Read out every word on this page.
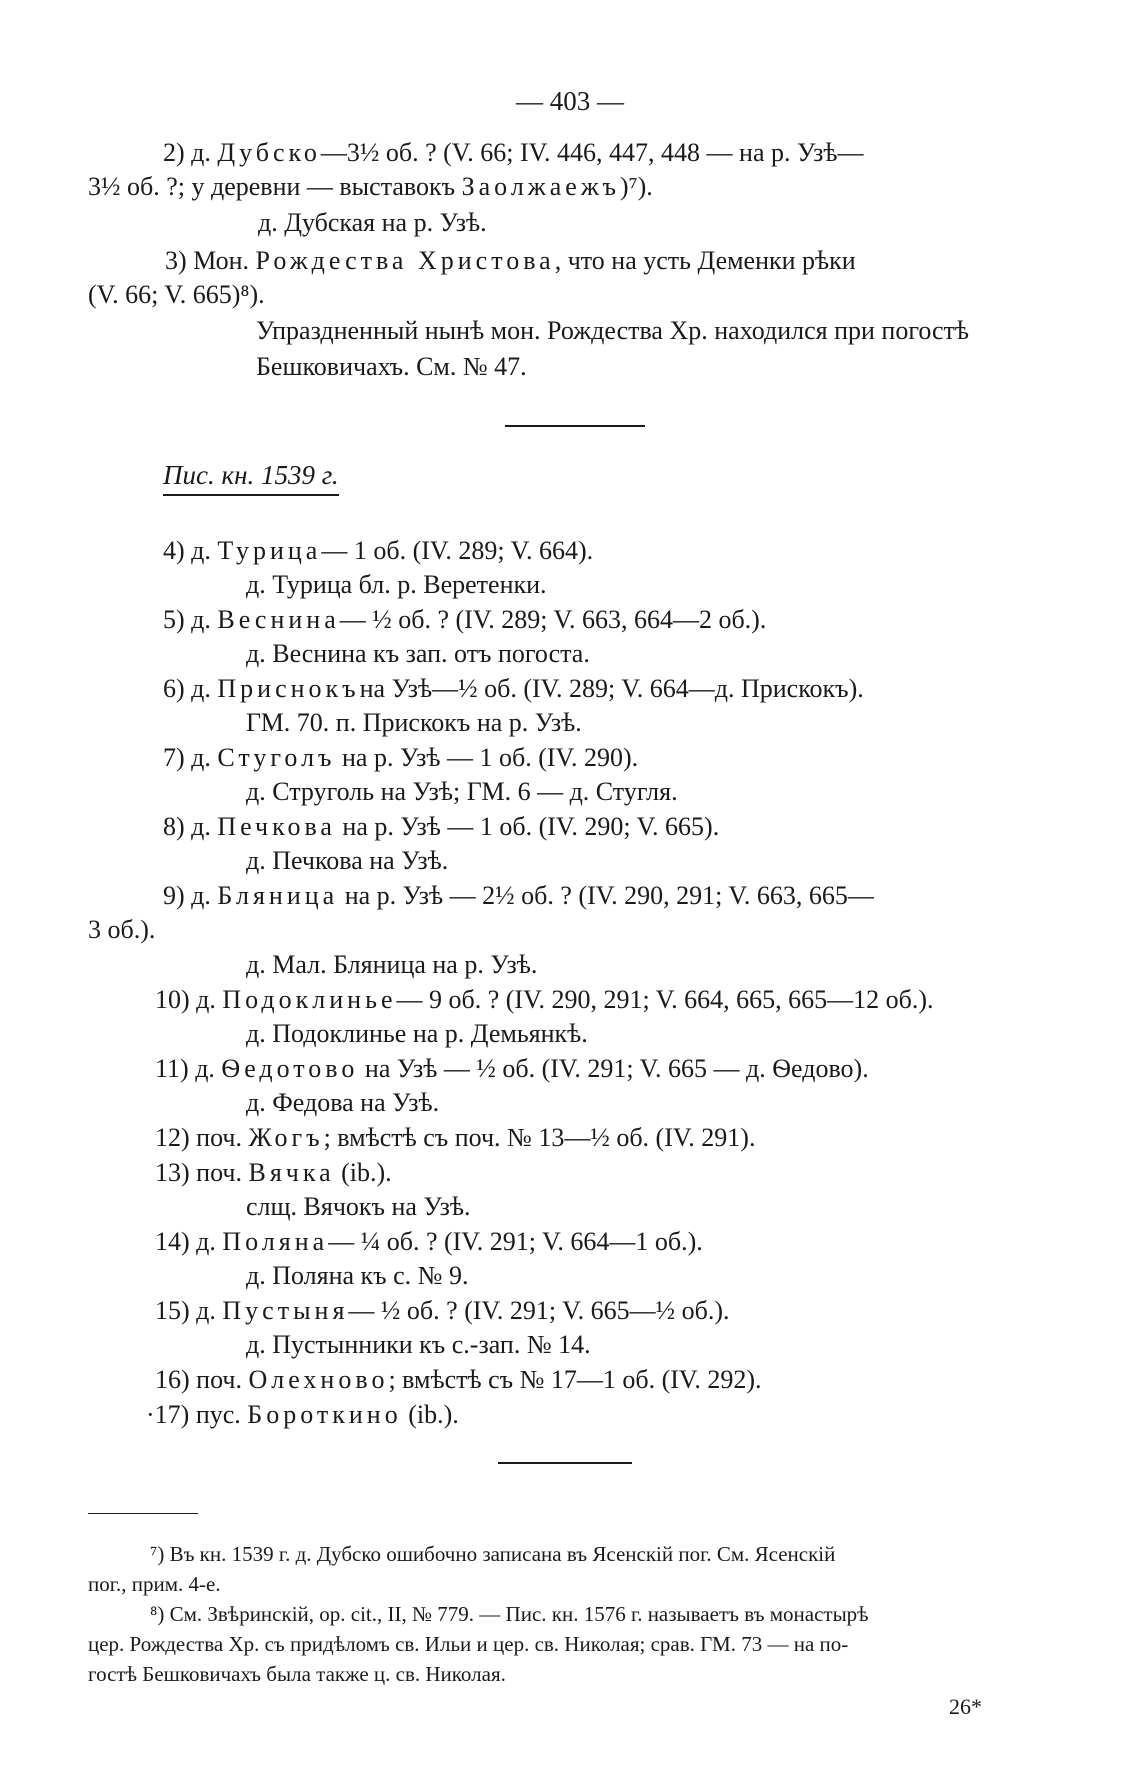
— 403 —
2) д. Дубско—3½ об. ? (V. 66; IV. 446, 447, 448 — на р. Узѣ—
3½ об. ?; у деревни — выставокъ Заолжаежъ)⁷).
д. Дубская на р. Узѣ.
3) Мон. Рождества Христова, что на усть Деменки рѣки
(V. 66; V. 665)⁸).
Упраздненный нынѣ мон. Рождества Хр. находился при погостѣ
Бешковичахъ. См. № 47.
Пис. кн. 1539 г.
4) д. Турица— 1 об. (IV. 289; V. 664).
д. Турица бл. р. Веретенки.
5) д. Веснина— ½ об. ? (IV. 289; V. 663, 664—2 об.).
д. Веснина къ зап. отъ погоста.
6) д. Приснокъна Узѣ—½ об. (IV. 289; V. 664—д. Прискокъ).
ГМ. 70. п. Прискокъ на р. Узѣ.
7) д. Стуголъ на р. Узѣ — 1 об. (IV. 290).
д. Струголь на Узѣ; ГМ. 6 — д. Стугля.
8) д. Печкова на р. Узѣ — 1 об. (IV. 290; V. 665).
д. Печкова на Узѣ.
9) д. Бляница на р. Узѣ — 2½ об. ? (IV. 290, 291; V. 663, 665—
3 об.).
д. Мал. Бляница на р. Узѣ.
10) д. Подоклинье— 9 об. ? (IV. 290, 291; V. 664, 665, 665—12 об.).
д. Подоклинье на р. Демьянкѣ.
11) д. Ѳедотово на Узѣ — ½ об. (IV. 291; V. 665 — д. Ѳедово).
д. Федова на Узѣ.
12) поч. Жогъ; вмѣстѣ съ поч. № 13—½ об. (IV. 291).
13) поч. Вячка (ib.).
слщ. Вячокъ на Узѣ.
14) д. Поляна— ¼ об. ? (IV. 291; V. 664—1 об.).
д. Поляна къ с. № 9.
15) д. Пустыня— ½ об. ? (IV. 291; V. 665—½ об.).
д. Пустынники къ с.-зап. № 14.
16) поч. Олехново; вмѣстѣ съ № 17—1 об. (IV. 292).
·17) пус. Бороткино (ib.).
⁷) Въ кн. 1539 г. д. Дубско ошибочно записана въ Ясенскій пог. См. Ясенскій
пог., прим. 4-е.
⁸) См. Звѣринскій, op. cit., II, № 779. — Пис. кн. 1576 г. называетъ въ монастырѣ
цер. Рождества Хр. съ придѣломъ св. Ильи и цер. св. Николая; срав. ГМ. 73 — на по-
гостѣ Бешковичахъ была также ц. св. Николая.
26*
